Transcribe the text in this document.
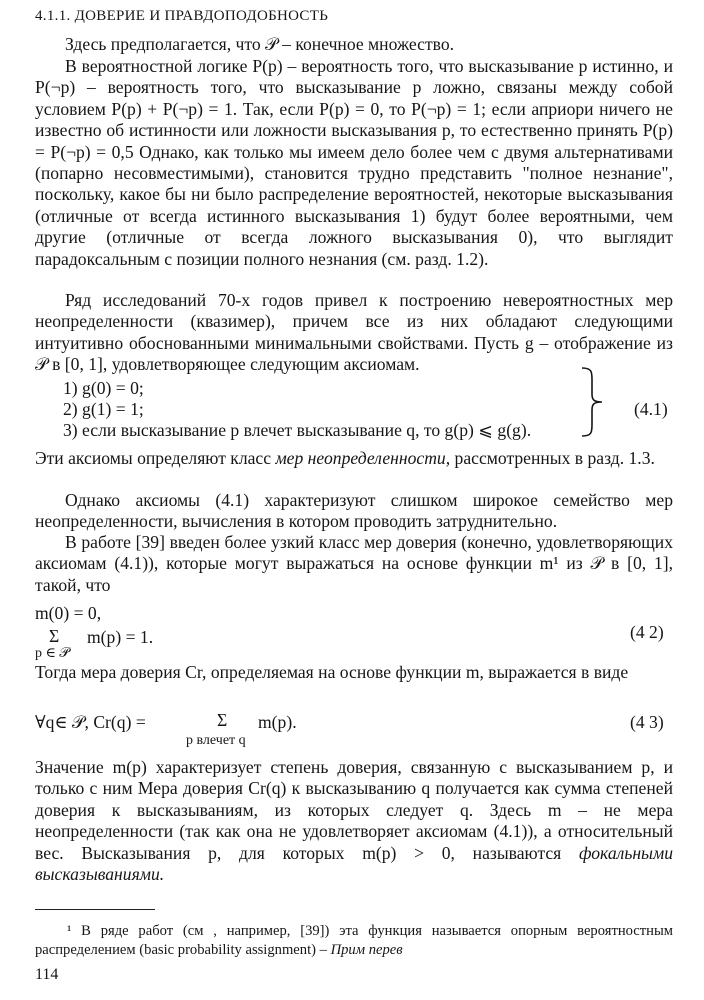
4.1.1. ДОВЕРИЕ И ПРАВДОПОДОБНОСТЬ
Здесь предполагается, что 𝒫 – конечное множество.
В вероятностной логике P(p) – вероятность того, что высказывание p истинно, и P(¬p) – вероятность того, что высказывание p ложно, связаны между собой условием P(p) + P(¬p) = 1. Так, если P(p) = 0, то P(¬p) = 1; если априори ничего не известно об истинности или ложности высказывания p, то естественно принять P(p) = P(¬p) = 0,5 Однако, как только мы имеем дело более чем с двумя альтернативами (попарно несовместимыми), становится трудно представить "полное незнание", поскольку, какое бы ни было распределение вероятностей, некоторые высказывания (отличные от всегда истинного высказывания 1) будут более вероятными, чем другие (отличные от всегда ложного высказывания 0), что выглядит парадоксальным с позиции полного незнания (см. разд. 1.2).
Ряд исследований 70-х годов привел к построению невероятностных мер неопределенности (квазимер), причем все из них обладают следующими интуитивно обоснованными минимальными свойствами. Пусть g – отображение из 𝒫 в [0, 1], удовлетворяющее следующим аксиомам.
1) g(0) = 0;
2) g(1) = 1;
3) если высказывание p влечет высказывание q, то g(p) ⩽ g(g).
(4.1)
Эти аксиомы определяют класс мер неопределенности, рассмотренных в разд. 1.3.
Однако аксиомы (4.1) характеризуют слишком широкое семейство мер неопределенности, вычисления в котором проводить затруднительно.
В работе [39] введен более узкий класс мер доверия (конечно, удовлетворяющих аксиомам (4.1)), которые могут выражаться на основе функции m¹ из 𝒫 в [0, 1], такой, что
m(0) = 0,
Σ m(p) = 1.
p ∈ 𝒫
(4 2)
Тогда мера доверия Cr, определяемая на основе функции m, выражается в виде
∀q∈ 𝒫, Cr(q) =	Σ m(p).
p влечет q
(4 3)
Значение m(p) характеризует степень доверия, связанную с высказыванием p, и только с ним Мера доверия Cr(q) к высказыванию q получается как сумма степеней доверия к высказываниям, из которых следует q. Здесь m – не мера неопределенности (так как она не удовлетворяет аксиомам (4.1)), а относительный вес. Высказывания p, для которых m(p) > 0, называются фокальными высказываниями.
¹ В ряде работ (см , например, [39]) эта функция называется опорным вероятностным распределением (basic probability assignment) – Прим перев
114
